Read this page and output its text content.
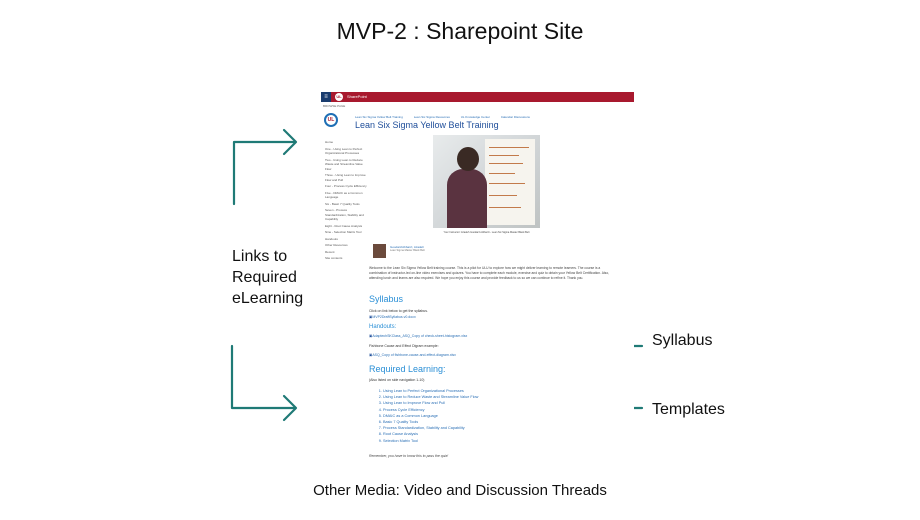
MVP-2 : Sharepoint Site
Links to
Required
eLearning
Syllabus
Templates
≡	UL	SharePoint
BROWSE PAGE
UL	Lean Six Sigma Yellow Belt Training	Lean Six Sigma Resources	UL Knowledge Center	Calendar Discussions
Lean Six Sigma Yellow Belt Training
Home
One - Using Lean to Perfect Organizational Processes
Two - Using Lean to Reduce Waste and Streamline Value Flow
Three - Using Lean to Improve Flow and Pull
Four - Process Cycle Efficiency
Five - DMAIC as a Common Language
Six - Basic 7 Quality Tools
Seven - Process Standardization, Stability and Capability
Eight - Root Cause Analysis
Nine - Selection Matrix Tool
Handouts
Other Resources
Recent
Site contents
Your Instructor: Azadeh Goodarzi-Abbarzi - Lean Six Sigma Master Black Belt
GoodarziAbbarzi, Azadeh
Lean Sigma Master Black Belt
Welcome to the Lean Six Sigma Yellow Belt training course. This is a pilot for ULU to explore how we might deliver learning to remote learners. The course is a combination of instructor-led on-line video exercises and quizzes. You have to complete each module, exercise and quiz to obtain your Yellow Belt Certification. Also, attending lunch and learns are also required. We hope you enjoy this course and provide feedback to us so we can continue to refine it. Thank you.
Syllabus
Click on link below to get the syllabus.
▣ MVP2DraftSyllabus.v0.docx
Handouts:
▣ AdaptechSKClass_ASQ_Copy of check-sheet-histogram.xlsx
Fishbone Cause and Effect Digram example:
▣ ASQ_Copy of fishbone-cause-and-effect-diagram.xlsx
Required Learning:
(Also listed on side navigation 1-10)
1. Using Lean to Perfect Organizational Processes
2. Using Lean to Reduce Waste and Streamline Value Flow
3. Using Lean to Improve Flow and Pull
4. Process Cycle Efficiency
5. DMAIC as a Common Language
6. Basic 7 Quality Tools
7. Process Standardization, Stability and Capability
8. Root Cause Analysis
9. Selection Matrix Tool
Remember, you have to know this to pass the quiz!
Other Media: Video and Discussion Threads
